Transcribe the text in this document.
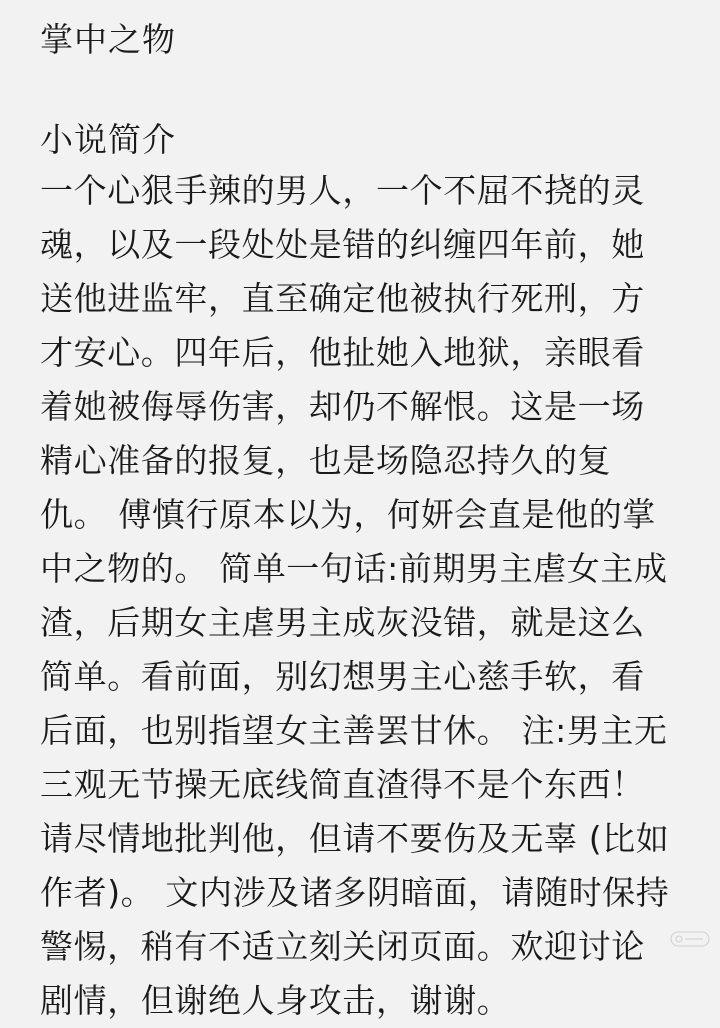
掌中之物
小说简介
一个心狠手辣的男人，一个不屈不挠的灵
魂，以及一段处处是错的纠缠四年前，她
送他进监牢，直至确定他被执行死刑，方
才安心。四年后，他扯她入地狱，亲眼看
着她被侮辱伤害，却仍不解恨。这是一场
精心准备的报复，也是场隐忍持久的复
仇。 傅慎行原本以为，何妍会直是他的掌
中之物的。 简单一句话:前期男主虐女主成
渣，后期女主虐男主成灰没错，就是这么
简单。看前面，别幻想男主心慈手软，看
后面，也别指望女主善罢甘休。 注:男主无
三观无节操无底线简直渣得不是个东西！
请尽情地批判他，但请不要伤及无辜 (比如
作者)。 文内涉及诸多阴暗面，请随时保持
警惕，稍有不适立刻关闭页面。欢迎讨论
剧情，但谢绝人身攻击，谢谢。
